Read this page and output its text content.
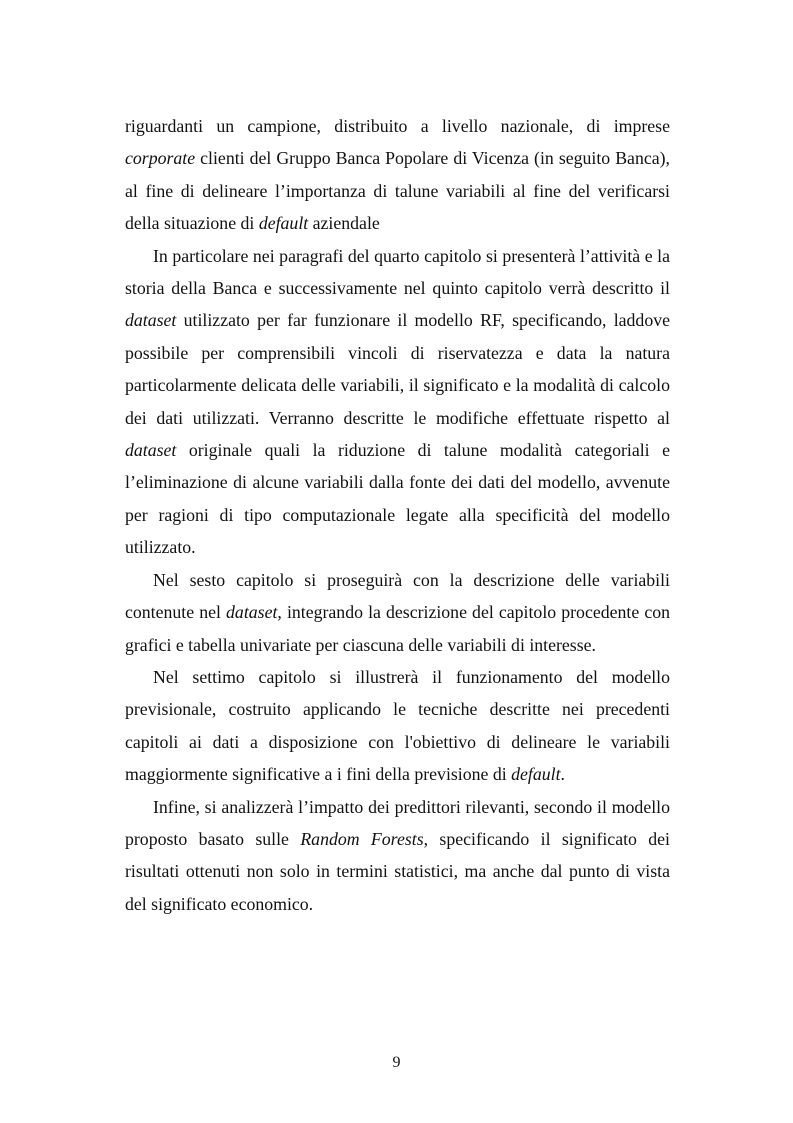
riguardanti un campione, distribuito a livello nazionale, di imprese corporate clienti del Gruppo Banca Popolare di Vicenza (in seguito Banca), al fine di delineare l’importanza di talune variabili al fine del verificarsi della situazione di default aziendale

In particolare nei paragrafi del quarto capitolo si presenterà l’attività e la storia della Banca e successivamente nel quinto capitolo verrà descritto il dataset utilizzato per far funzionare il modello RF, specificando, laddove possibile per comprensibili vincoli di riservatezza e data la natura particolarmente delicata delle variabili, il significato e la modalità di calcolo dei dati utilizzati. Verranno descritte le modifiche effettuate rispetto al dataset originale quali la riduzione di talune modalità categoriali e l’eliminazione di alcune variabili dalla fonte dei dati del modello, avvenute per ragioni di tipo computazionale legate alla specificità del modello utilizzato.

Nel sesto capitolo si proseguirà con la descrizione delle variabili contenute nel dataset, integrando la descrizione del capitolo procedente con grafici e tabella univariate per ciascuna delle variabili di interesse.

Nel settimo capitolo si illustrerà il funzionamento del modello previsionale, costruito applicando le tecniche descritte nei precedenti capitoli ai dati a disposizione con l'obiettivo di delineare le variabili maggiormente significative a i fini della previsione di default.

Infine, si analizzerà l’impatto dei predittori rilevanti, secondo il modello proposto basato sulle Random Forests, specificando il significato dei risultati ottenuti non solo in termini statistici, ma anche dal punto di vista del significato economico.

9
